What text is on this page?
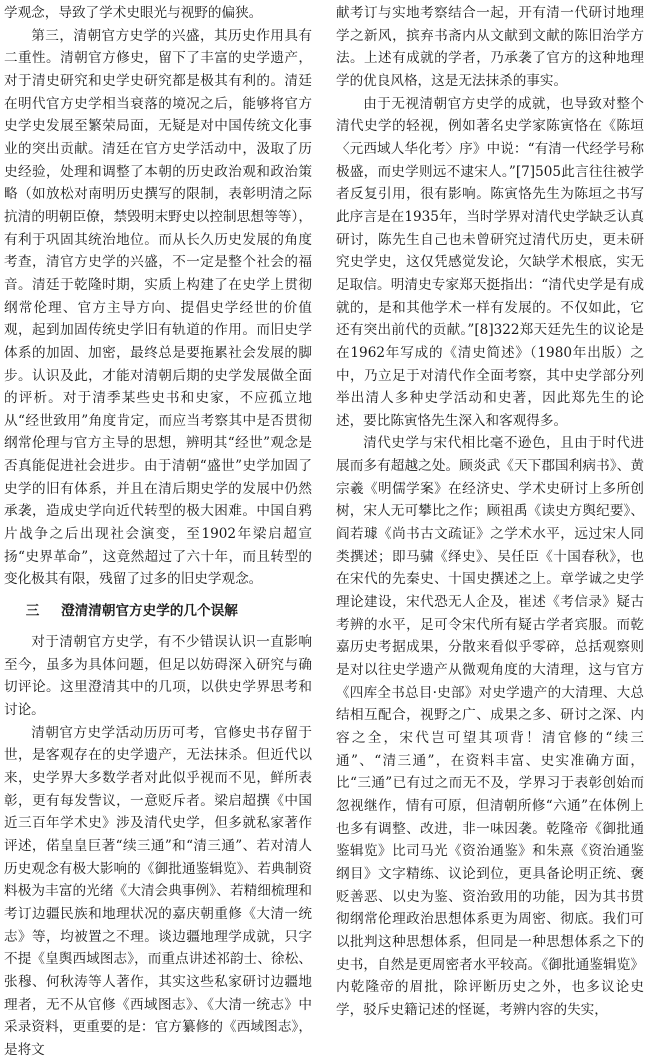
学观念，导致了学术史眼光与视野的偏狭。

第三，清朝官方史学的兴盛，其历史作用具有二重性。清朝官方修史，留下了丰富的史学遗产，对于清史研究和史学史研究都是极其有利的。清廷在明代官方史学相当衰落的境况之后，能够将官方史学史发展至繁荣局面，无疑是对中国传统文化事业的突出贡献。清廷在官方史学活动中，汲取了历史经验，处理和调整了本朝的历史政治观和政治策略（如放松对南明历史撰写的限制，表彰明清之际抗清的明朝臣僚，禁毁明末野史以控制思想等等），有利于巩固其统治地位。而从长久历史发展的角度考查，清官方史学的兴盛，不一定是整个社会的福音。清廷于乾隆时期，实质上构建了在史学上贯彻纲常伦理、官方主导方向、提倡史学经世的价值观，起到加固传统史学旧有轨道的作用。而旧史学体系的加固、加密，最终总是要拖累社会发展的脚步。认识及此，才能对清朝后期的史学发展做全面的评析。对于清季某些史书和史家，不应孤立地从“经世致用”角度肯定，而应当考察其中是否贯彻纲常伦理与官方主导的思想，辨明其“经世”观念是否真能促进社会进步。由于清朝“盛世”史学加固了史学的旧有体系，并且在清后期史学的发展中仍然承袭，造成史学向近代转型的极大困难。中国自鸦片战争之后出现社会演变，至1902年梁启超宣扬“史界革命”，这竟然超过了六十年，而且转型的变化极其有限，残留了过多的旧史学观念。

三 澄清清朝官方史学的几个误解

对于清朝官方史学，有不少错误认识一直影响至今，虽多为具体问题，但足以妨碍深入研究与确切评论。这里澄清其中的几项，以供史学界思考和讨论。

清朝官方史学活动历历可考，官修史书存留于世，是客观存在的史学遗产，无法抹杀。但近代以来，史学界大多数学者对此似乎视而不见，鲜所表彰，更有每发訾议，一意贬斥者。梁启超撰《中国近三百年学术史》涉及清代史学，但多就私家著作评述，偌皇皇巨著“续三通”和“清三通”、若对清人历史观念有极大影响的《御批通鉴辑览》、若典制资料极为丰富的光绪《大清会典事例》、若精细梳理和考订边疆民族和地理状况的嘉庆朝重修《大清一统志》等，均被置之不理。谈边疆地理学成就，只字不提《皇舆西域图志》，而重点讲述祁韵士、徐松、张穆、何秋涛等人著作，其实这些私家研讨边疆地理者，无不从官修《西域图志》、《大清一统志》中采录资料，更重要的是：官方纂修的《西域图志》，是将文

献考订与实地考察结合一起，开有清一代研讨地理学之新风，摈弃书斋内从文献到文献的陈旧治学方法。上述有成就的学者，乃承袭了官方的这种地理学的优良风格，这是无法抹杀的事实。

由于无视清朝官方史学的成就，也导致对整个清代史学的轻视，例如著名史学家陈寅恪在《陈垣〈元西域人华化考〉序》中说：“有清一代经学号称极盛，而史学则远不逮宋人。”[7]505此言往往被学者反复引用，很有影响。陈寅恪先生为陈垣之书写此序言是在1935年，当时学界对清代史学缺乏认真研讨，陈先生自己也未曾研究过清代历史，更未研究史学史，这仅凭感觉发论，欠缺学术根底，实无足取信。明清史专家郑天挺指出：“清代史学是有成就的，是和其他学术一样有发展的。不仅如此，它还有突出前代的贡献。”[8]322郑天廷先生的议论是在1962年写成的《清史简述》（1980年出版）之中，乃立足于对清代作全面考察，其中史学部分列举出清人多种史学活动和史著，因此郑先生的论述，要比陈寅恪先生深入和客观得多。

清代史学与宋代相比毫不逊色，且由于时代进展而多有超越之处。顾炎武《天下郡国利病书》、黄宗羲《明儒学案》在经济史、学术史研讨上多所创树，宋人无可攀比之作；顾祖禹《读史方舆纪要》、阎若璩《尚书古文疏证》之学术水平，远过宋人同类撰述；即马骕《绎史》、吴任臣《十国春秋》，也在宋代的先秦史、十国史撰述之上。章学诚之史学理论建设，宋代恐无人企及，崔述《考信录》疑古考辨的水平，足可令宋代所有疑古学者宾服。而乾嘉历史考据成果，分散来看似乎零碎，总括观察则是对以往史学遗产从微观角度的大清理，这与官方《四库全书总目·史部》对史学遗产的大清理、大总结相互配合，视野之广、成果之多、研讨之深、内容之全，宋代岂可望其项背！清官修的“续三通”、“清三通”，在资料丰富、史实准确方面，比“三通”已有过之而无不及，学界习于表彰创始而忽视继作，情有可原，但清朝所修“六通”在体例上也多有调整、改进，非一味因袭。乾隆帝《御批通鉴辑览》比司马光《资治通鉴》和朱熹《资治通鉴纲目》文字精练、议论到位，更具备论明正统、褒贬善恶、以史为鉴、资治致用的功能，因为其书贯彻纲常伦理政治思想体系更为周密、彻底。我们可以批判这种思想体系，但同是一种思想体系之下的史书，自然是更周密者水平较高。《御批通鉴辑览》内乾隆帝的眉批，除评断历史之外，也多议论史学，驳斥史籍记述的怪诞，考辨内容的失实，
